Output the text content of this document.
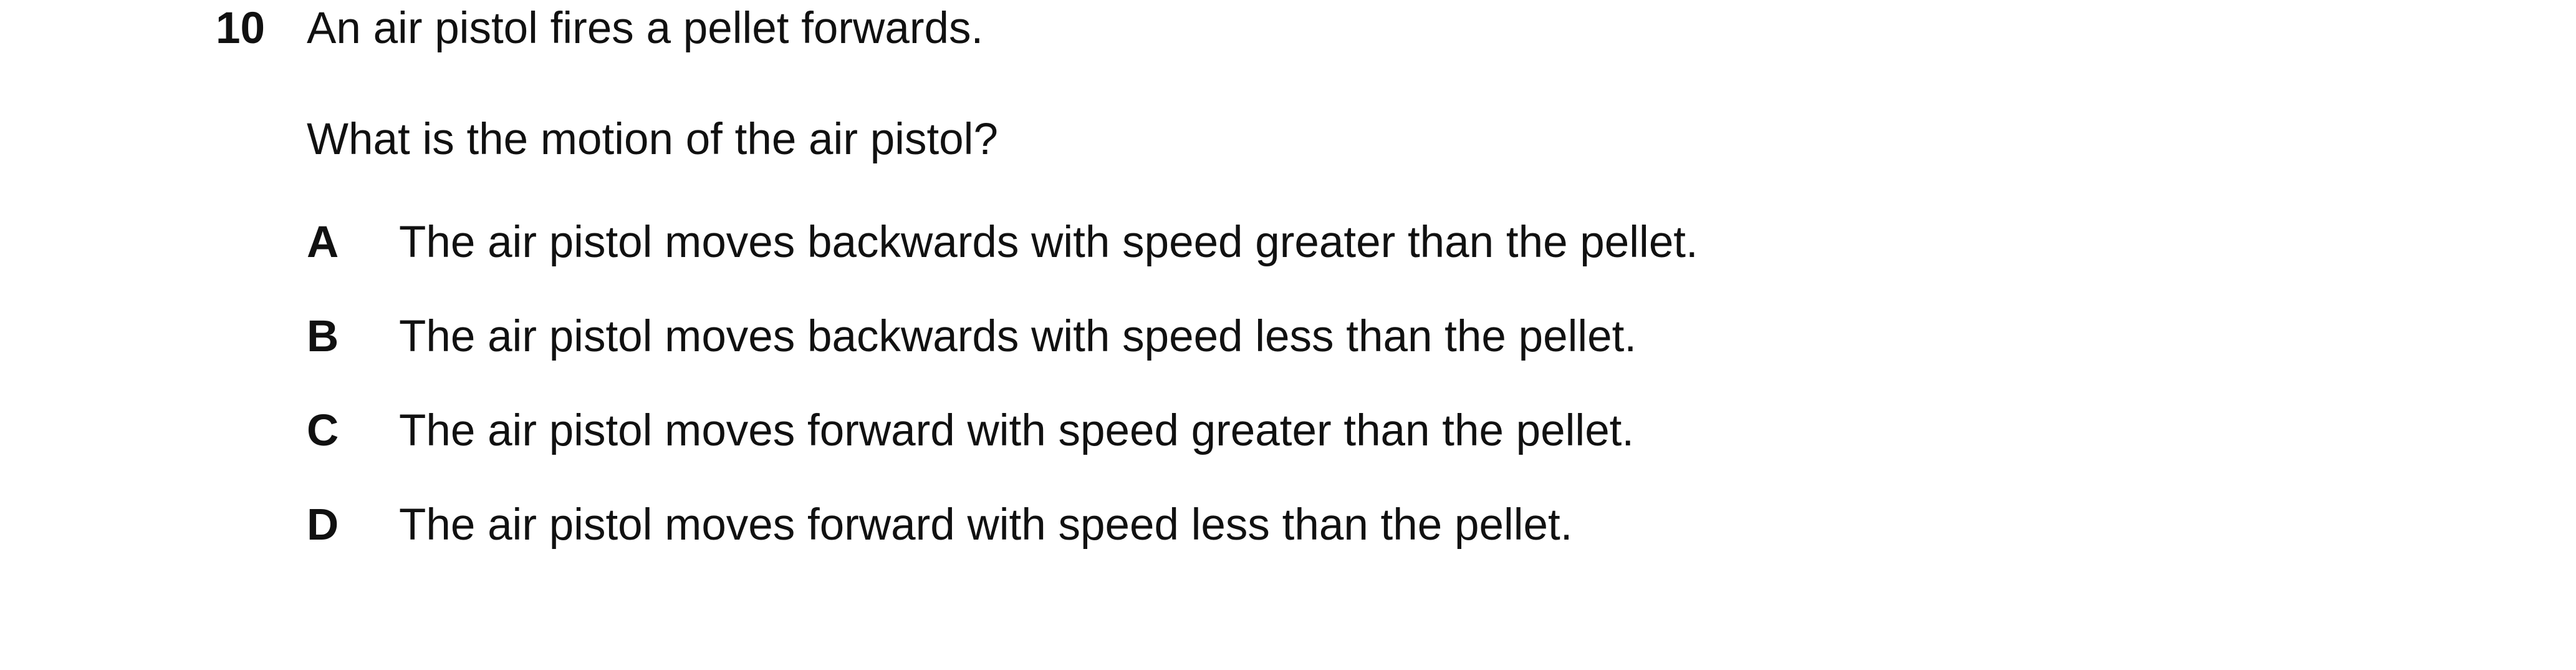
10 An air pistol fires a pellet forwards.
What is the motion of the air pistol?
A The air pistol moves backwards with speed greater than the pellet.
B The air pistol moves backwards with speed less than the pellet.
C The air pistol moves forward with speed greater than the pellet.
D The air pistol moves forward with speed less than the pellet.
